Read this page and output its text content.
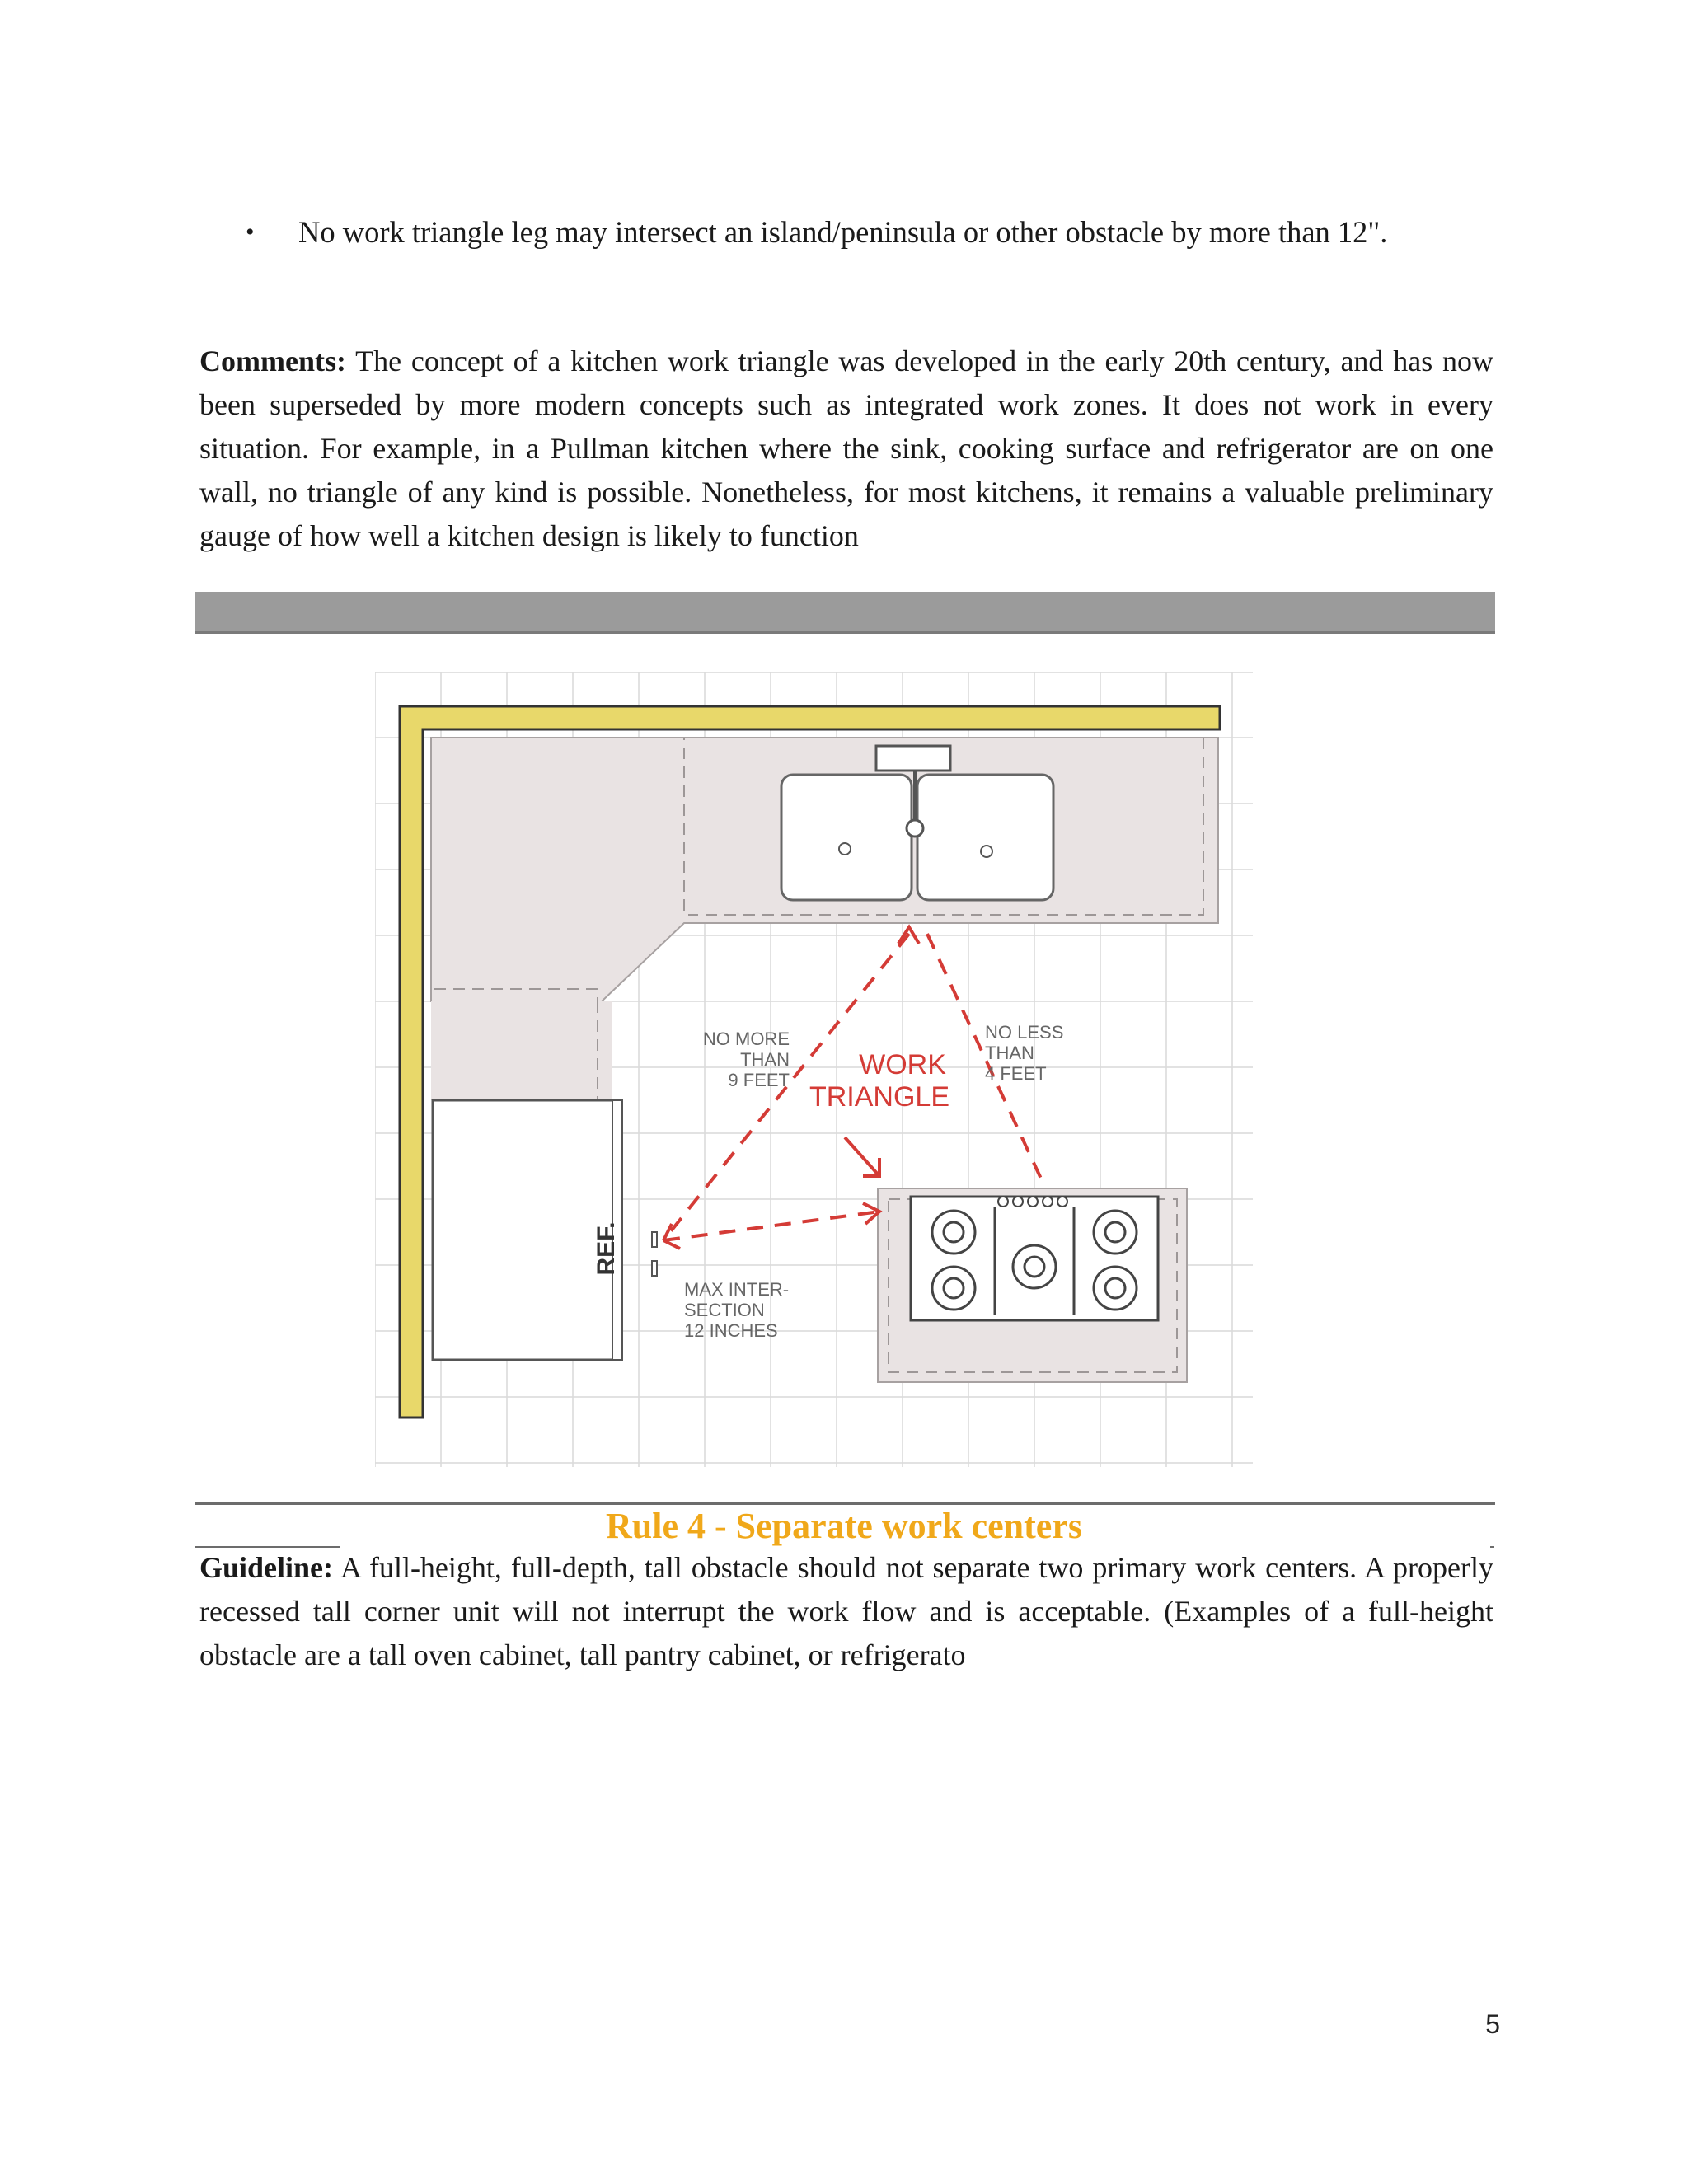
• No work triangle leg may intersect an island/peninsula or other obstacle by more than 12".
Comments: The concept of a kitchen work triangle was developed in the early 20th century, and has now been superseded by more modern concepts such as integrated work zones. It does not work in every situation. For example, in a Pullman kitchen where the sink, cooking surface and refrigerator are on one wall, no triangle of any kind is possible. Nonetheless, for most kitchens, it remains a valuable preliminary gauge of how well a kitchen design is likely to function
REF.
NO MORE
THAN
9 FEET
NO LESS
THAN
4 FEET
WORK
TRIANGLE
MAX INTER-
SECTION
12 INCHES
Rule 4 - Separate work centers
Guideline: A full-height, full-depth, tall obstacle should not separate two primary work centers. A properly recessed tall corner unit will not interrupt the work flow and is acceptable. (Examples of a full-height obstacle are a tall oven cabinet, tall pantry cabinet, or refrigerato
5
